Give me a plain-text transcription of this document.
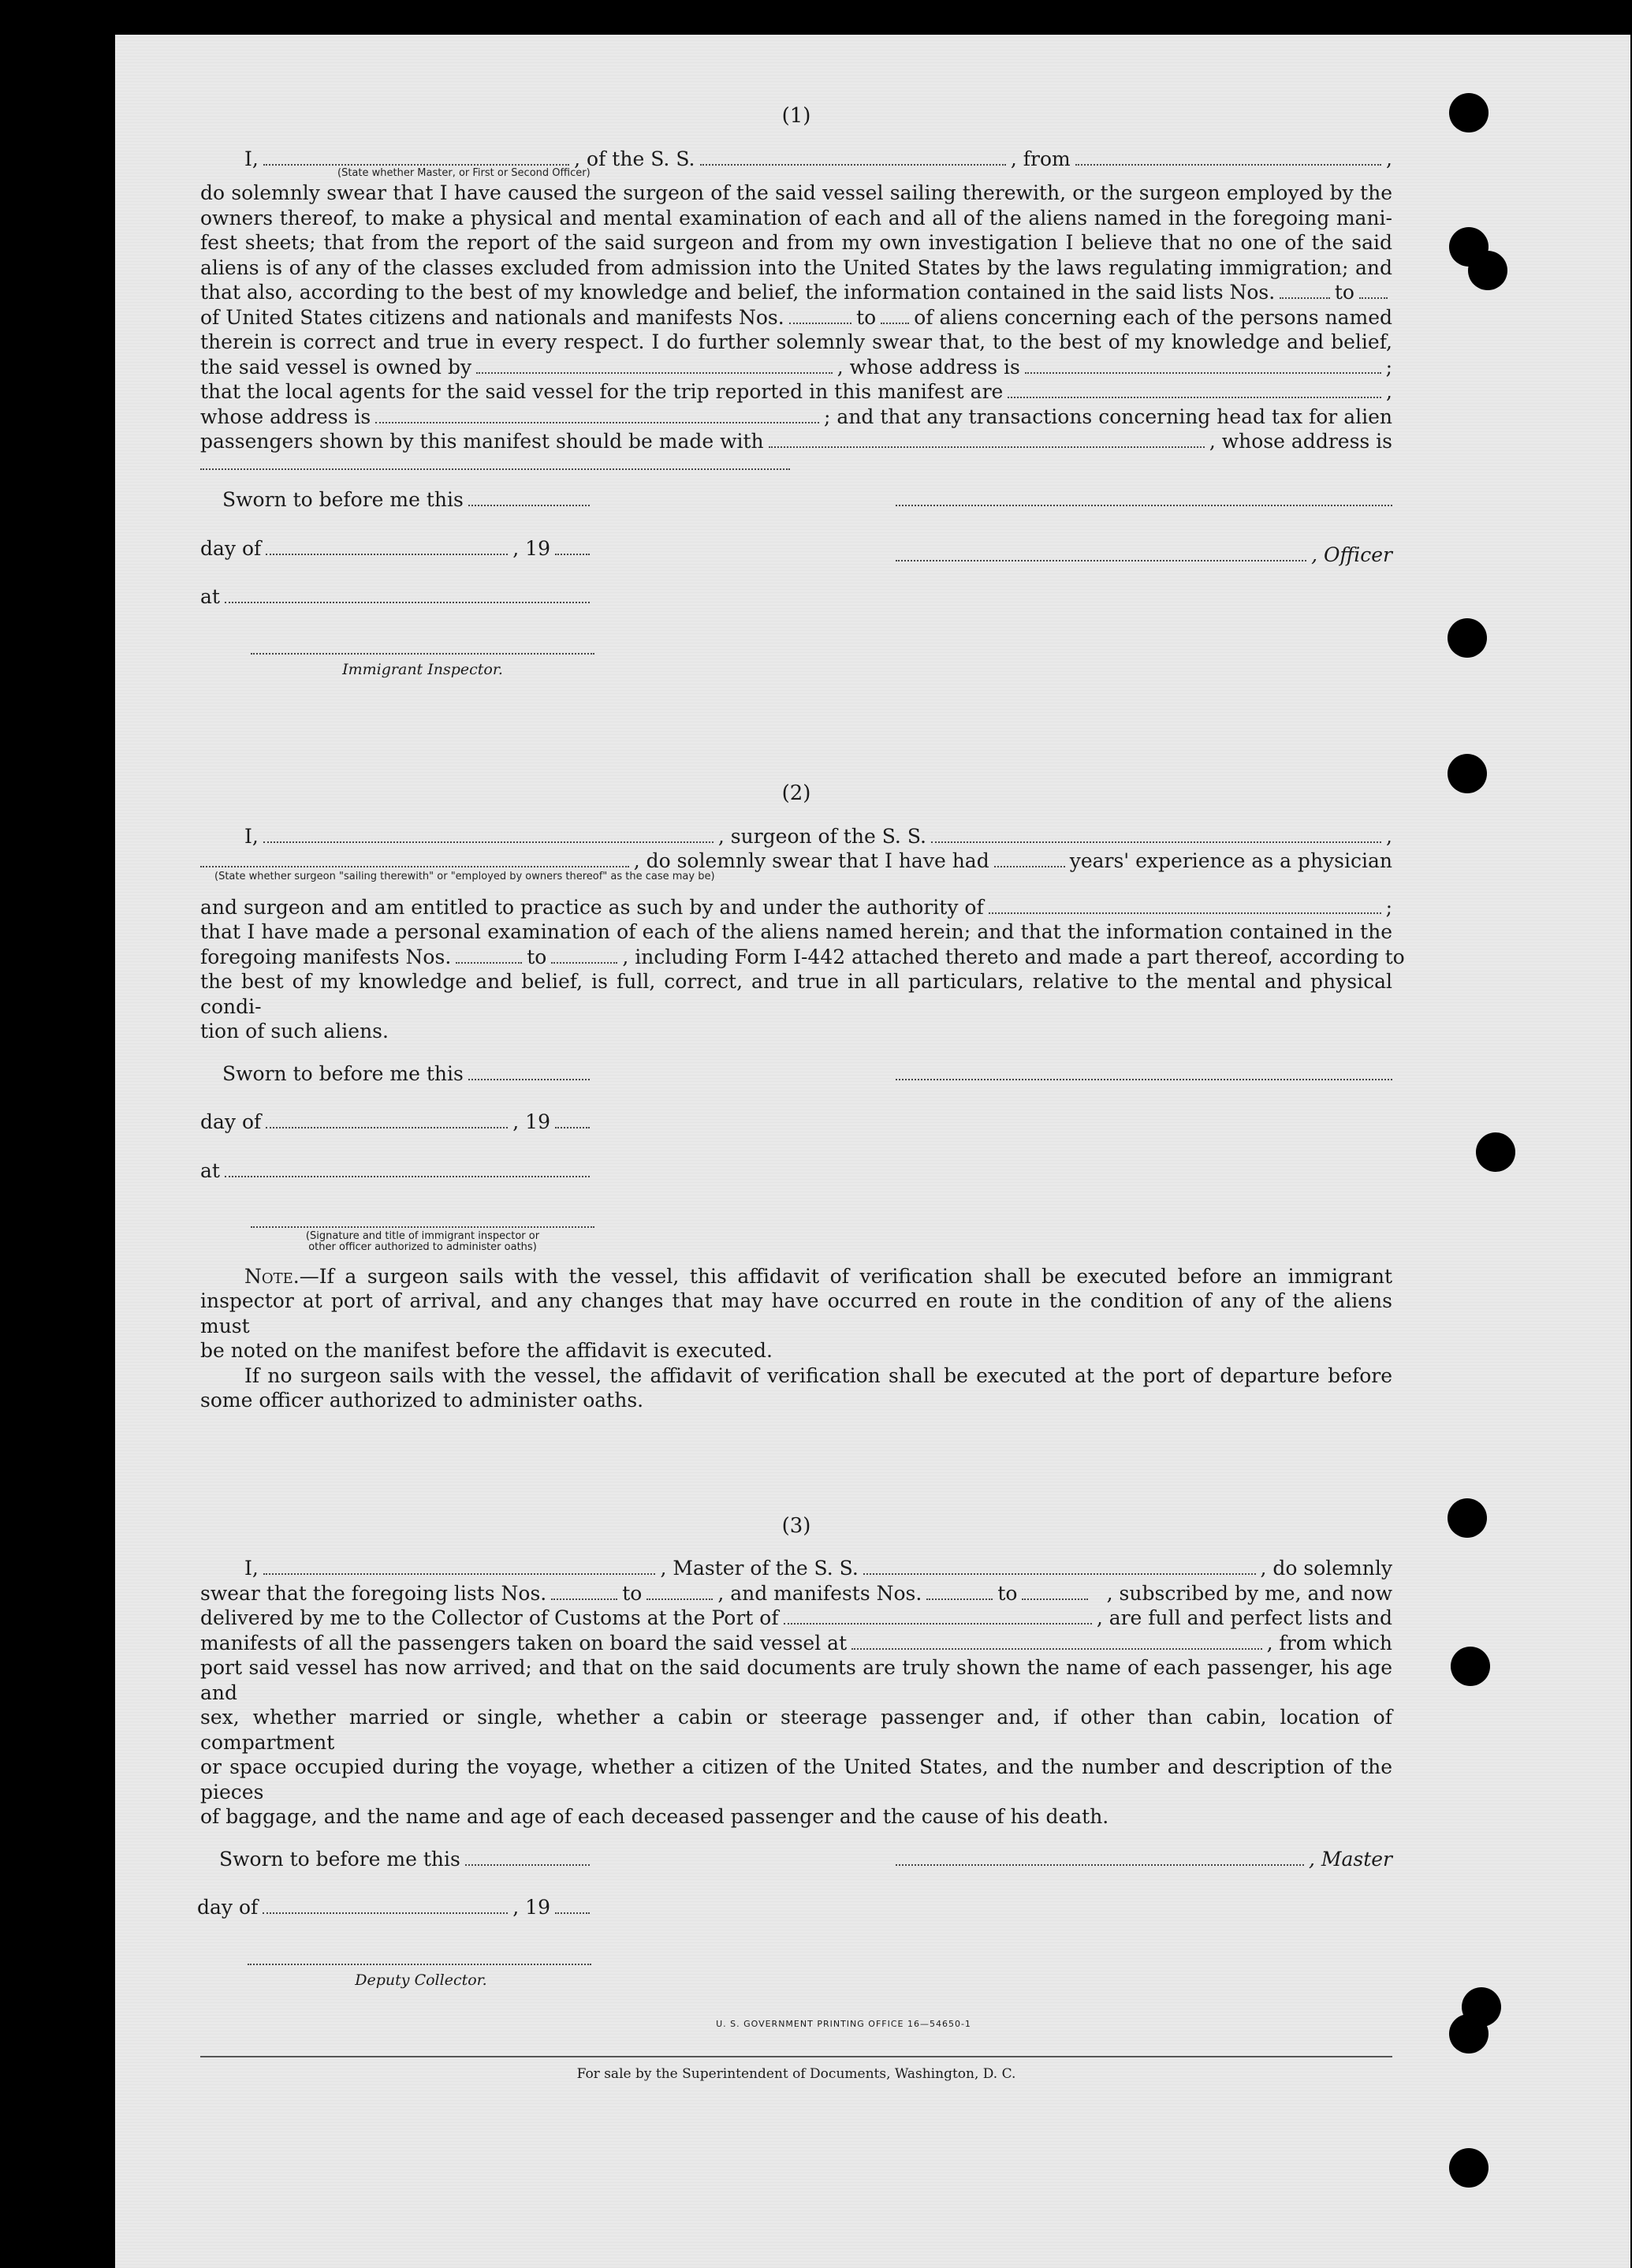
(1)

I,	, of the S. S.	, from	,
(State whether Master, or First or Second Officer)

do solemnly swear that I have caused the surgeon of the said vessel sailing therewith, or the surgeon employed by the

owners thereof, to make a physical and mental examination of each and all of the aliens named in the foregoing mani-

fest sheets; that from the report of the said surgeon and from my own investigation I believe that no one of the said

aliens is of any of the classes excluded from admission into the United States by the laws regulating immigration; and

that also, according to the best of my knowledge and belief, the information contained in the said lists Nos.	to
of United States citizens and nationals and manifests Nos.	to of aliens concerning each of the persons named

therein is correct and true in every respect. I do further solemnly swear that, to the best of my knowledge and belief,

the said vessel is owned by	, whose address is	;
that the local agents for the said vessel for the trip reported in this manifest are	,
whose address is	; and that any transactions concerning head tax for alien
passengers shown by this manifest should be made with	, whose address is
Sworn to before me this
day of	, 19
at
Immigrant Inspector.
, Officer

(2)

I,	, surgeon of the S. S.	,
, do solemnly swear that I have had	years' experience as a physician
(State whether surgeon "sailing therewith" or "employed by owners thereof" as the case may be)
and surgeon and am entitled to practice as such by and under the authority of	;

that I have made a personal examination of each of the aliens named herein; and that the information contained in the

foregoing manifests Nos.	to	, including Form I-442 attached thereto and made a part thereof, according to

the best of my knowledge and belief, is full, correct, and true in all particulars, relative to the mental and physical condi-

tion of such aliens.

Sworn to before me this
day of	, 19
at
(Signature and title of immigrant inspector or
other officer authorized to administer oaths)

Note.—If a surgeon sails with the vessel, this affidavit of verification shall be executed before an immigrant

inspector at port of arrival, and any changes that may have occurred en route in the condition of any of the aliens must

be noted on the manifest before the affidavit is executed.

If no surgeon sails with the vessel, the affidavit of verification shall be executed at the port of departure before

some officer authorized to administer oaths.

(3)

I,	, Master of the S. S.	, do solemnly
swear that the foregoing lists Nos.	to	, and manifests Nos.	to	, subscribed by me, and now
delivered by me to the Collector of Customs at the Port of	, are full and perfect lists and
manifests of all the passengers taken on board the said vessel at	, from which

port said vessel has now arrived; and that on the said documents are truly shown the name of each passenger, his age and

sex, whether married or single, whether a cabin or steerage passenger and, if other than cabin, location of compartment

or space occupied during the voyage, whether a citizen of the United States, and the number and description of the pieces

of baggage, and the name and age of each deceased passenger and the cause of his death.

Sworn to before me this
day of	, 19
Deputy Collector.
, Master
U. S. GOVERNMENT PRINTING OFFICE 16—54650-1
For sale by the Superintendent of Documents, Washington, D. C.
